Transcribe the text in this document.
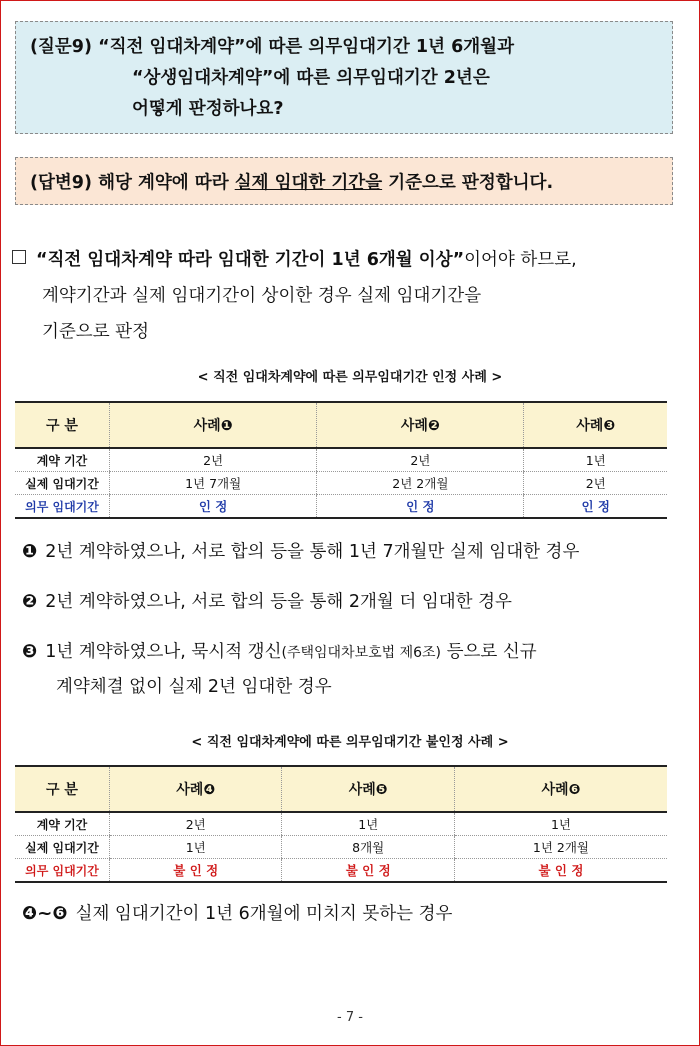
(질문9) “직전 임대차계약”에 따른 의무임대기간 1년 6개월과
“상생임대차계약”에 따른 의무임대기간 2년은
어떻게 판정하나요?
(답변9) 해당 계약에 따라 실제 임대한 기간을 기준으로 판정합니다.
“직전 임대차계약 따라 임대한 기간이 1년 6개월 이상”이어야 하므로,
계약기간과 실제 임대기간이 상이한 경우 실제 임대기간을
기준으로 판정
< 직전 임대차계약에 따른 의무임대기간 인정 사례 >
구 분	사례❶	사례❷	사례❸
계약 기간	2년	2년	1년
실제 임대기간	1년 7개월	2년 2개월	2년
의무 임대기간	인 정	인 정	인 정
❶ 2년 계약하였으나, 서로 합의 등을 통해 1년 7개월만 실제 임대한 경우
❷ 2년 계약하였으나, 서로 합의 등을 통해 2개월 더 임대한 경우
❸ 1년 계약하였으나, 묵시적 갱신(주택임대차보호법 제6조) 등으로 신규
계약체결 없이 실제 2년 임대한 경우
< 직전 임대차계약에 따른 의무임대기간 불인정 사례 >
구 분	사례❹	사례❺	사례❻
계약 기간	2년	1년	1년
실제 임대기간	1년	8개월	1년 2개월
의무 임대기간	불 인 정	불 인 정	불 인 정
❹~❻ 실제 임대기간이 1년 6개월에 미치지 못하는 경우
- 7 -
